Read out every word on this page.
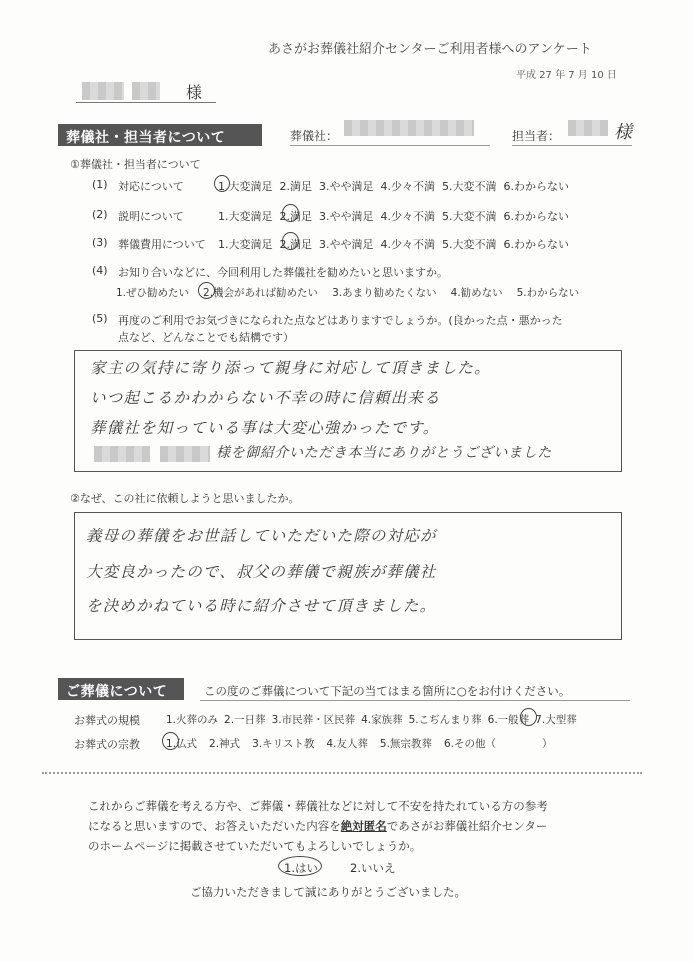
あさがお葬儀社紹介センターご利用者様へのアンケート
平成 27 年 7 月 10 日
様
葬儀社・担当者について	葬儀社：	担当者：	様
①葬儀社・担当者について
(1) 対応について	1.大変満足 2.満足 3.やや満足 4.少々不満 5.大変不満 6.わからない
(2) 説明について	1.大変満足 2.満足 3.やや満足 4.少々不満 5.大変不満 6.わからない
(3) 葬儀費用について 1.大変満足 2.満足 3.やや満足 4.少々不満 5.大変不満 6.わからない
(4) お知り合いなどに、今回利用した葬儀社を勧めたいと思いますか。
1.ぜひ勧めたい 2.機会があれば勧めたい 3.あまり勧めたくない 4.勧めない 5.わからない
(5) 再度のご利用でお気づきになられた点などはありますでしょうか。(良かった点・悪かった
点など、どんなことでも結構です）
家主の気持に寄り添って親身に対応して頂きました。
いつ起こるかわからない不幸の時に信頼出来る
葬儀社を知っている事は大変心強かったです。
様を御紹介いただき本当にありがとうございました
②なぜ、この社に依頼しようと思いましたか。
義母の葬儀をお世話していただいた際の対応が
大変良かったので、叔父の葬儀で親族が葬儀社
を決めかねている時に紹介させて頂きました。
ご葬儀について	この度のご葬儀について下記の当てはまる箇所に○をお付けください。
お葬式の規模 1.火葬のみ 2.一日葬 3.市民葬・区民葬 4.家族葬 5.こぢんまり葬 6.一般葬 7.大型葬
お葬式の宗教 1.仏式 2.神式 3.キリスト教 4.友人葬 5.無宗教葬 6.その他（	）
これからご葬儀を考える方や、ご葬儀・葬儀社などに対して不安を持たれている方の参考
になると思いますので、お答えいただいた内容を絶対匿名であさがお葬儀社紹介センター
のホームページに掲載させていただいてもよろしいでしょうか。
1.はい	2.いいえ
ご協力いただきまして誠にありがとうございました。
